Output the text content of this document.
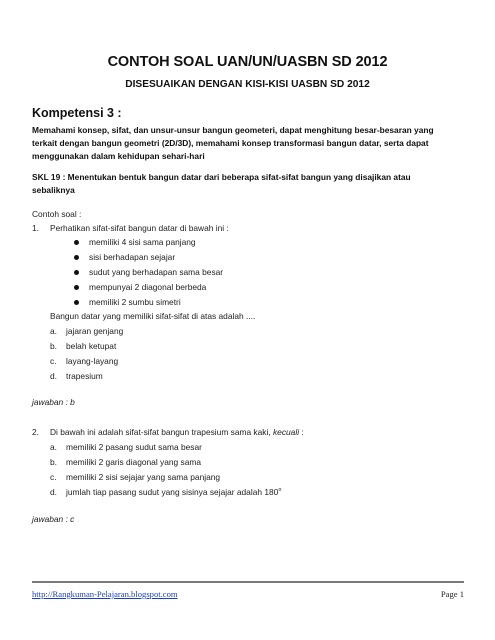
CONTOH SOAL UAN/UN/UASBN SD 2012
DISESUAIKAN DENGAN KISI-KISI UASBN SD 2012
Kompetensi 3 :
Memahami konsep, sifat, dan unsur-unsur bangun geometeri, dapat menghitung besar-besaran yang
terkait dengan bangun geometri (2D/3D), memahami konsep transformasi bangun datar, serta dapat
menggunakan dalam kehidupan sehari-hari
SKL 19 : Menentukan bentuk bangun datar dari beberapa sifat-sifat bangun yang disajikan atau
sebaliknya
Contoh soal :
1. Perhatikan sifat-sifat bangun datar di bawah ini :
memiliki 4 sisi sama panjang
sisi berhadapan sejajar
sudut yang berhadapan sama besar
mempunyai 2 diagonal berbeda
memiliki 2 sumbu simetri
Bangun datar yang memiliki sifat-sifat di atas adalah ....
a. jajaran genjang
b. belah ketupat
c. layang-layang
d. trapesium
jawaban : b
2. Di bawah ini adalah sifat-sifat bangun trapesium sama kaki, kecuali :
a. memiliki 2 pasang sudut sama besar
b. memiliki 2 garis diagonal yang sama
c. memiliki 2 sisi sejajar yang sama panjang
d. jumlah tiap pasang sudut yang sisinya sejajar adalah 180$^o$
jawaban : c
http://Rangkuman-Pelajaran.blogspot.com	Page 1
